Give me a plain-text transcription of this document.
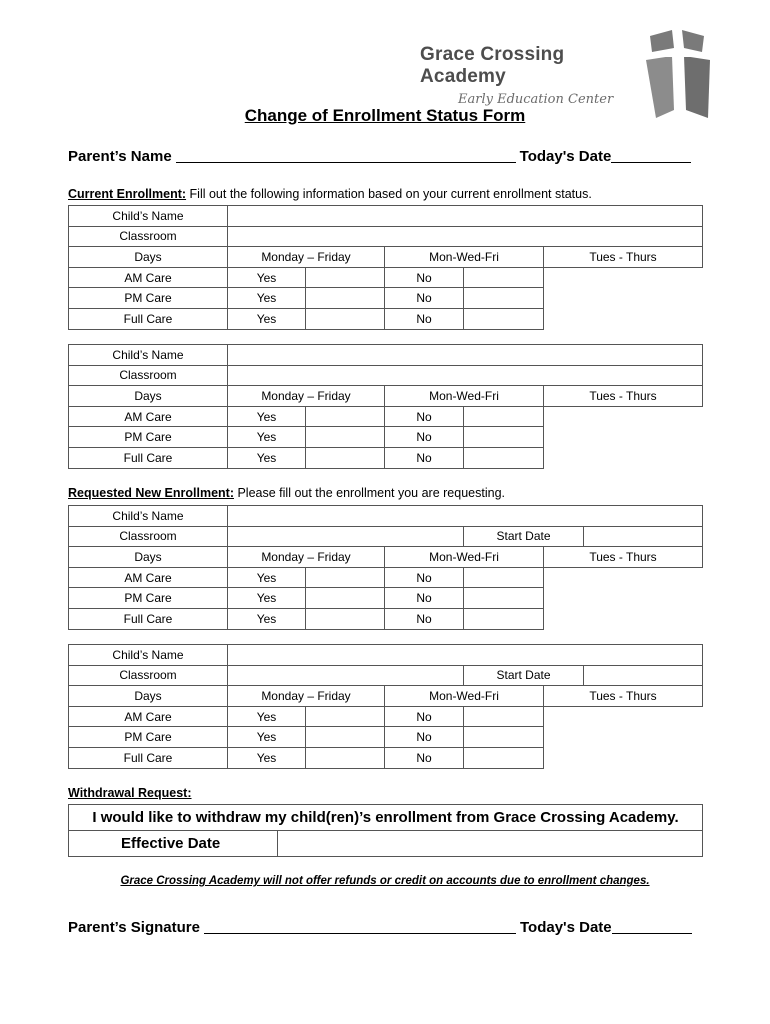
Grace Crossing Academy
Early Education Center
Change of Enrollment Status Form
Parent’s Name	Today's Date
Current Enrollment: Fill out the following information based on your current enrollment status.
Child’s Name					
Classroom					
Days	Monday – Friday		Mon-Wed-Fri		Tues - Thurs
AM Care	Yes		No		
PM Care	Yes		No		
Full Care	Yes		No		
Child’s Name					
Classroom					
Days	Monday – Friday		Mon-Wed-Fri		Tues - Thurs
AM Care	Yes		No		
PM Care	Yes		No		
Full Care	Yes		No		
Requested New Enrollment: Please fill out the enrollment you are requesting.
Child’s Name						
Classroom				Start Date		
Days	Monday – Friday		Mon-Wed-Fri		Tues - Thurs	
AM Care	Yes		No			
PM Care	Yes		No			
Full Care	Yes		No			
Child’s Name						
Classroom				Start Date		
Days	Monday – Friday		Mon-Wed-Fri		Tues - Thurs	
AM Care	Yes		No			
PM Care	Yes		No			
Full Care	Yes		No			
Withdrawal Request:
I would like to withdraw my child(ren)’s enrollment from Grace Crossing Academy.
Effective Date	
Grace Crossing Academy will not offer refunds or credit on accounts due to enrollment changes.
Parent’s Signature	Today's Date
